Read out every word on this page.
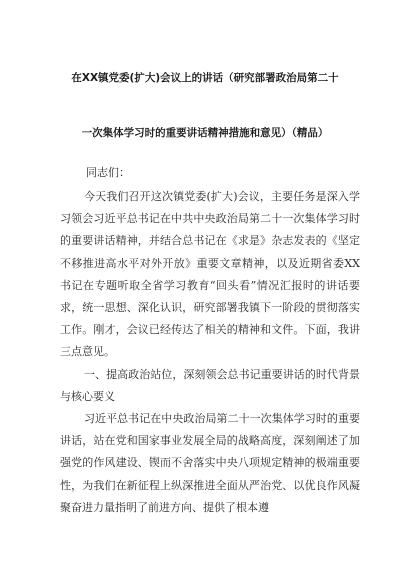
在XX镇党委(扩大)会议上的讲话（研究部署政治局第二十
一次集体学习时的重要讲话精神措施和意见）（精品）
同志们：
今天我们召开这次镇党委(扩大)会议，主要任务是深入学习领会习近平总书记在中共中央政治局第二十一次集体学习时的重要讲话精神，并结合总书记在《求是》杂志发表的《坚定不移推进高水平对外开放》重要文章精神，以及近期省委XX书记在专题听取全省学习教育“回头看”情况汇报时的讲话要求，统一思想、深化认识，研究部署我镇下一阶段的贯彻落实工作。刚才，会议已经传达了相关的精神和文件。下面，我讲三点意见。
一、提高政治站位，深刻领会总书记重要讲话的时代背景与核心要义
习近平总书记在中央政治局第二十一次集体学习时的重要讲话，站在党和国家事业发展全局的战略高度，深刻阐述了加强党的作风建设、锲而不舍落实中央八项规定精神的极端重要性，为我们在新征程上纵深推进全面从严治党、以优良作风凝聚奋进力量指明了前进方向、提供了根本遵
